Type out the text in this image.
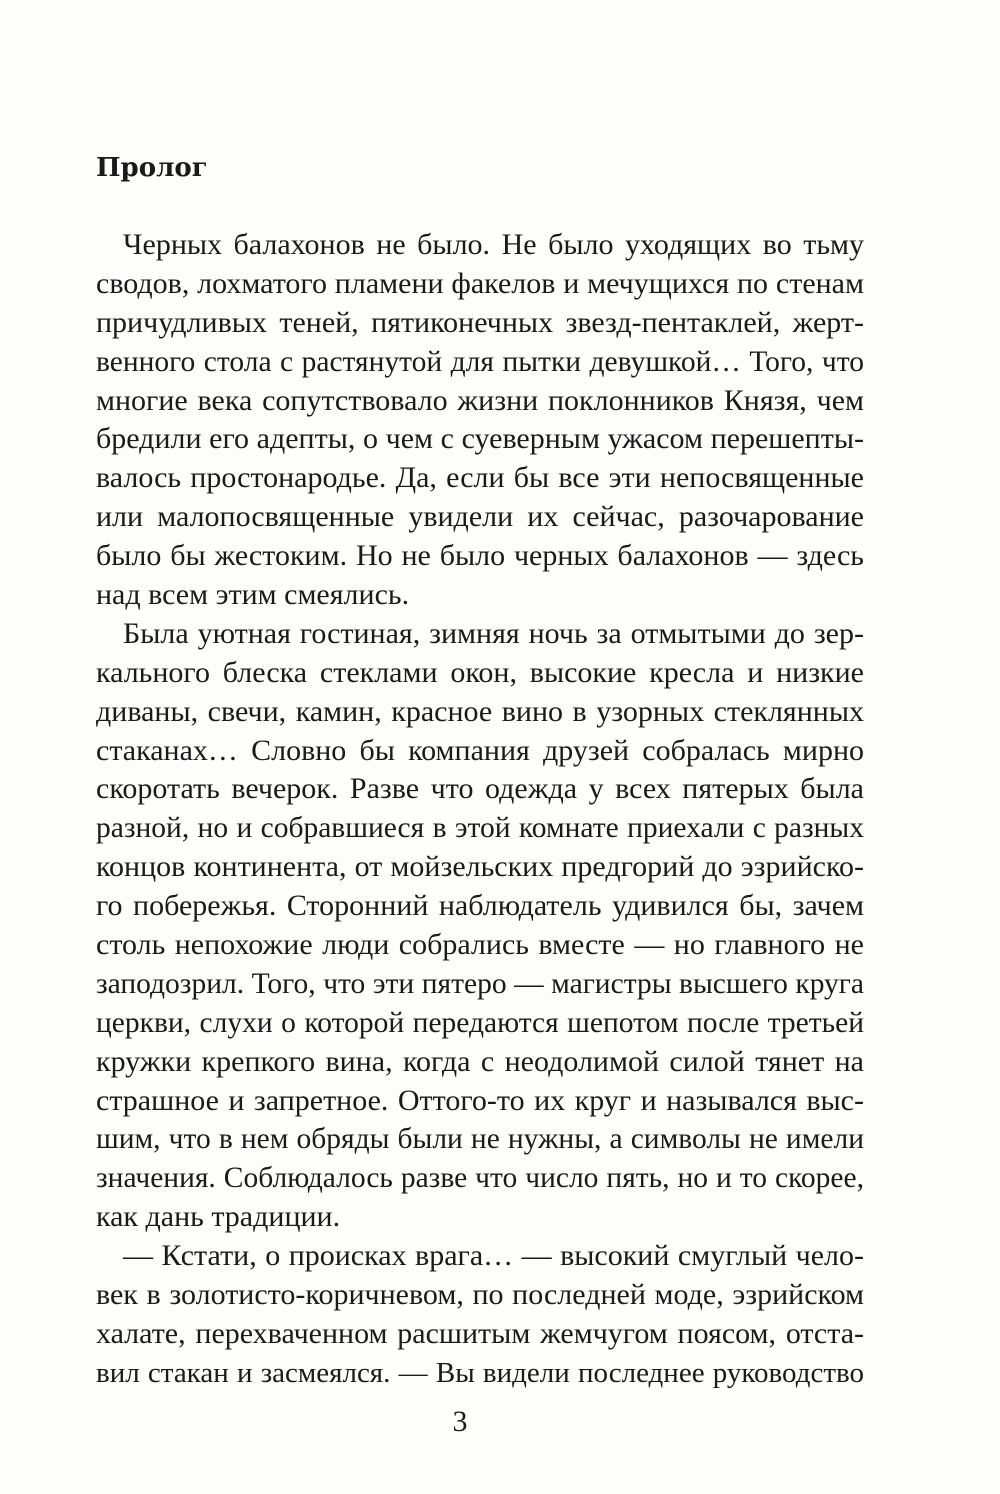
Пролог
Черных балахонов не было. Не было уходящих во тьму
сводов, лохматого пламени факелов и мечущихся по стенам
причудливых теней, пятиконечных звезд-пентаклей, жерт-
венного стола с растянутой для пытки девушкой… Того, что
многие века сопутствовало жизни поклонников Князя, чем
бредили его адепты, о чем с суеверным ужасом перешепты-
валось простонародье. Да, если бы все эти непосвященные
или малопосвященные увидели их сейчас, разочарование
было бы жестоким. Но не было черных балахонов — здесь
над всем этим смеялись.
Была уютная гостиная, зимняя ночь за отмытыми до зер-
кального блеска стеклами окон, высокие кресла и низкие
диваны, свечи, камин, красное вино в узорных стеклянных
стаканах… Словно бы компания друзей собралась мирно
скоротать вечерок. Разве что одежда у всех пятерых была
разной, но и собравшиеся в этой комнате приехали с разных
концов континента, от мойзельских предгорий до эзрийско-
го побережья. Сторонний наблюдатель удивился бы, зачем
столь непохожие люди собрались вместе — но главного не
заподозрил. Того, что эти пятеро — магистры высшего круга
церкви, слухи о которой передаются шепотом после третьей
кружки крепкого вина, когда с неодолимой силой тянет на
страшное и запретное. Оттого-то их круг и назывался выс-
шим, что в нем обряды были не нужны, а символы не имели
значения. Соблюдалось разве что число пять, но и то скорее,
как дань традиции.
— Кстати, о происках врага… — высокий смуглый чело-
век в золотисто-коричневом, по последней моде, эзрийском
халате, перехваченном расшитым жемчугом поясом, отста-
вил стакан и засмеялся. — Вы видели последнее руководство
3
